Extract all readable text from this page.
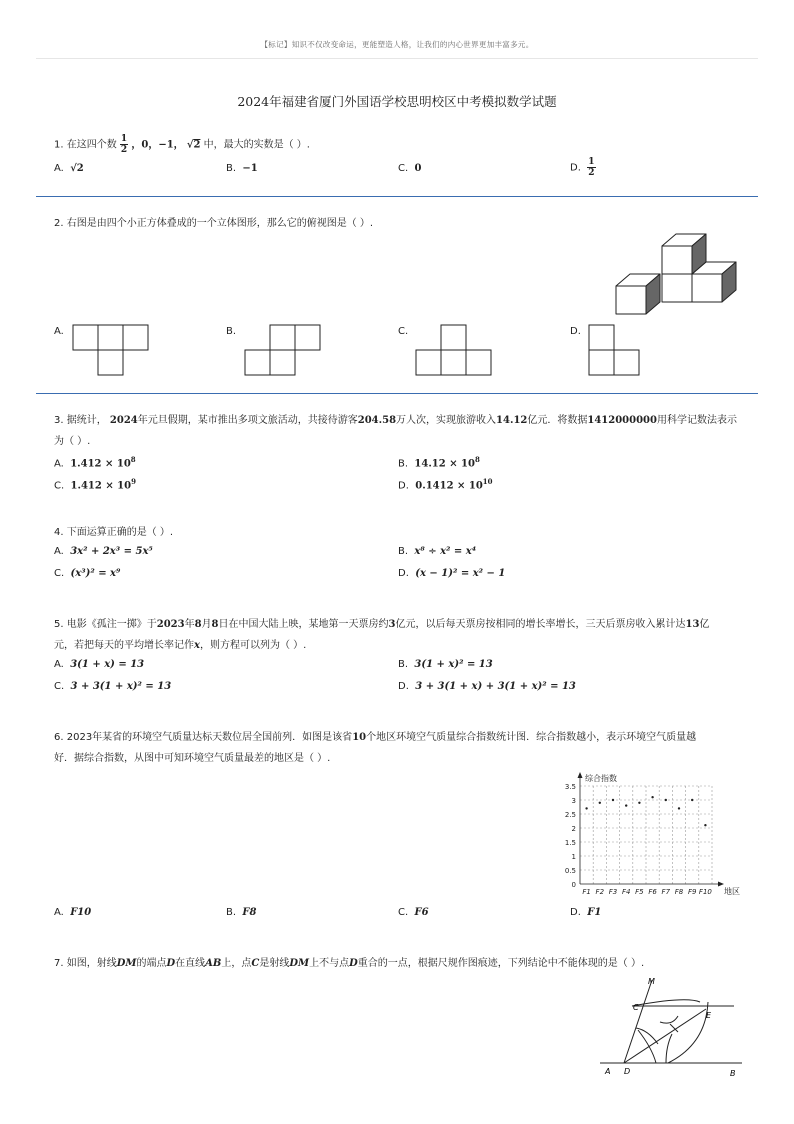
【标记】知识不仅改变命运，更能塑造人格，让我们的内心世界更加丰富多元。
2024年福建省厦门外国语学校思明校区中考模拟数学试题
1. 在这四个数 $\frac{1}{2}$ ，0，−1， √2 中，最大的实数是（ ）.
A. √2	B. −1	C. 0	D. $\frac{1}{2}$
2. 右图是由四个小正方体叠成的一个立体图形，那么它的俯视图是（ ）.
A.	B.	C.	D.
3. 据统计， 2024年元旦假期，某市推出多项文旅活动，共接待游客204.58万人次，实现旅游收入14.12亿元．将数据1412000000用科学记数法表示
为（ ）.
A. $1.412 \times 10^8$	B. $14.12 \times 10^8$
C. $1.412 \times 10^9$	D. $0.1412 \times 10^{10}$
4. 下面运算正确的是（ ）.
A. 3x² + 2x³ = 5x⁵	B. x⁸ ÷ x² = x⁴
C. (x³)² = x⁹	D. (x − 1)² = x² − 1
5. 电影《孤注一掷》于2023年8月8日在中国大陆上映，某地第一天票房约3亿元，以后每天票房按相同的增长率增长，三天后票房收入累计达13亿
元，若把每天的平均增长率记作x，则方程可以列为（ ）.
A. 3(1 + x) = 13	B. 3(1 + x)² = 13
C. 3 + 3(1 + x)² = 13	D. 3 + 3(1 + x) + 3(1 + x)² = 13
6. 2023年某省的环境空气质量达标天数位居全国前列．如图是该省10个地区环境空气质量综合指数统计图．综合指数越小，表示环境空气质量越
好．据综合指数，从图中可知环境空气质量最差的地区是（ ）.
综合指数
地区
0
0.5
1
1.5
2
2.5
3
3.5
F1 F2 F3 F4 F5 F6 F7 F8 F9 F10
A. F10	B. F8	C. F6	D. F1
7. 如图，射线DM的端点D在直线AB上，点C是射线DM上不与点D重合的一点，根据尺规作图痕迹，下列结论中不能体现的是（ ）.
M
C
E
A D	B
